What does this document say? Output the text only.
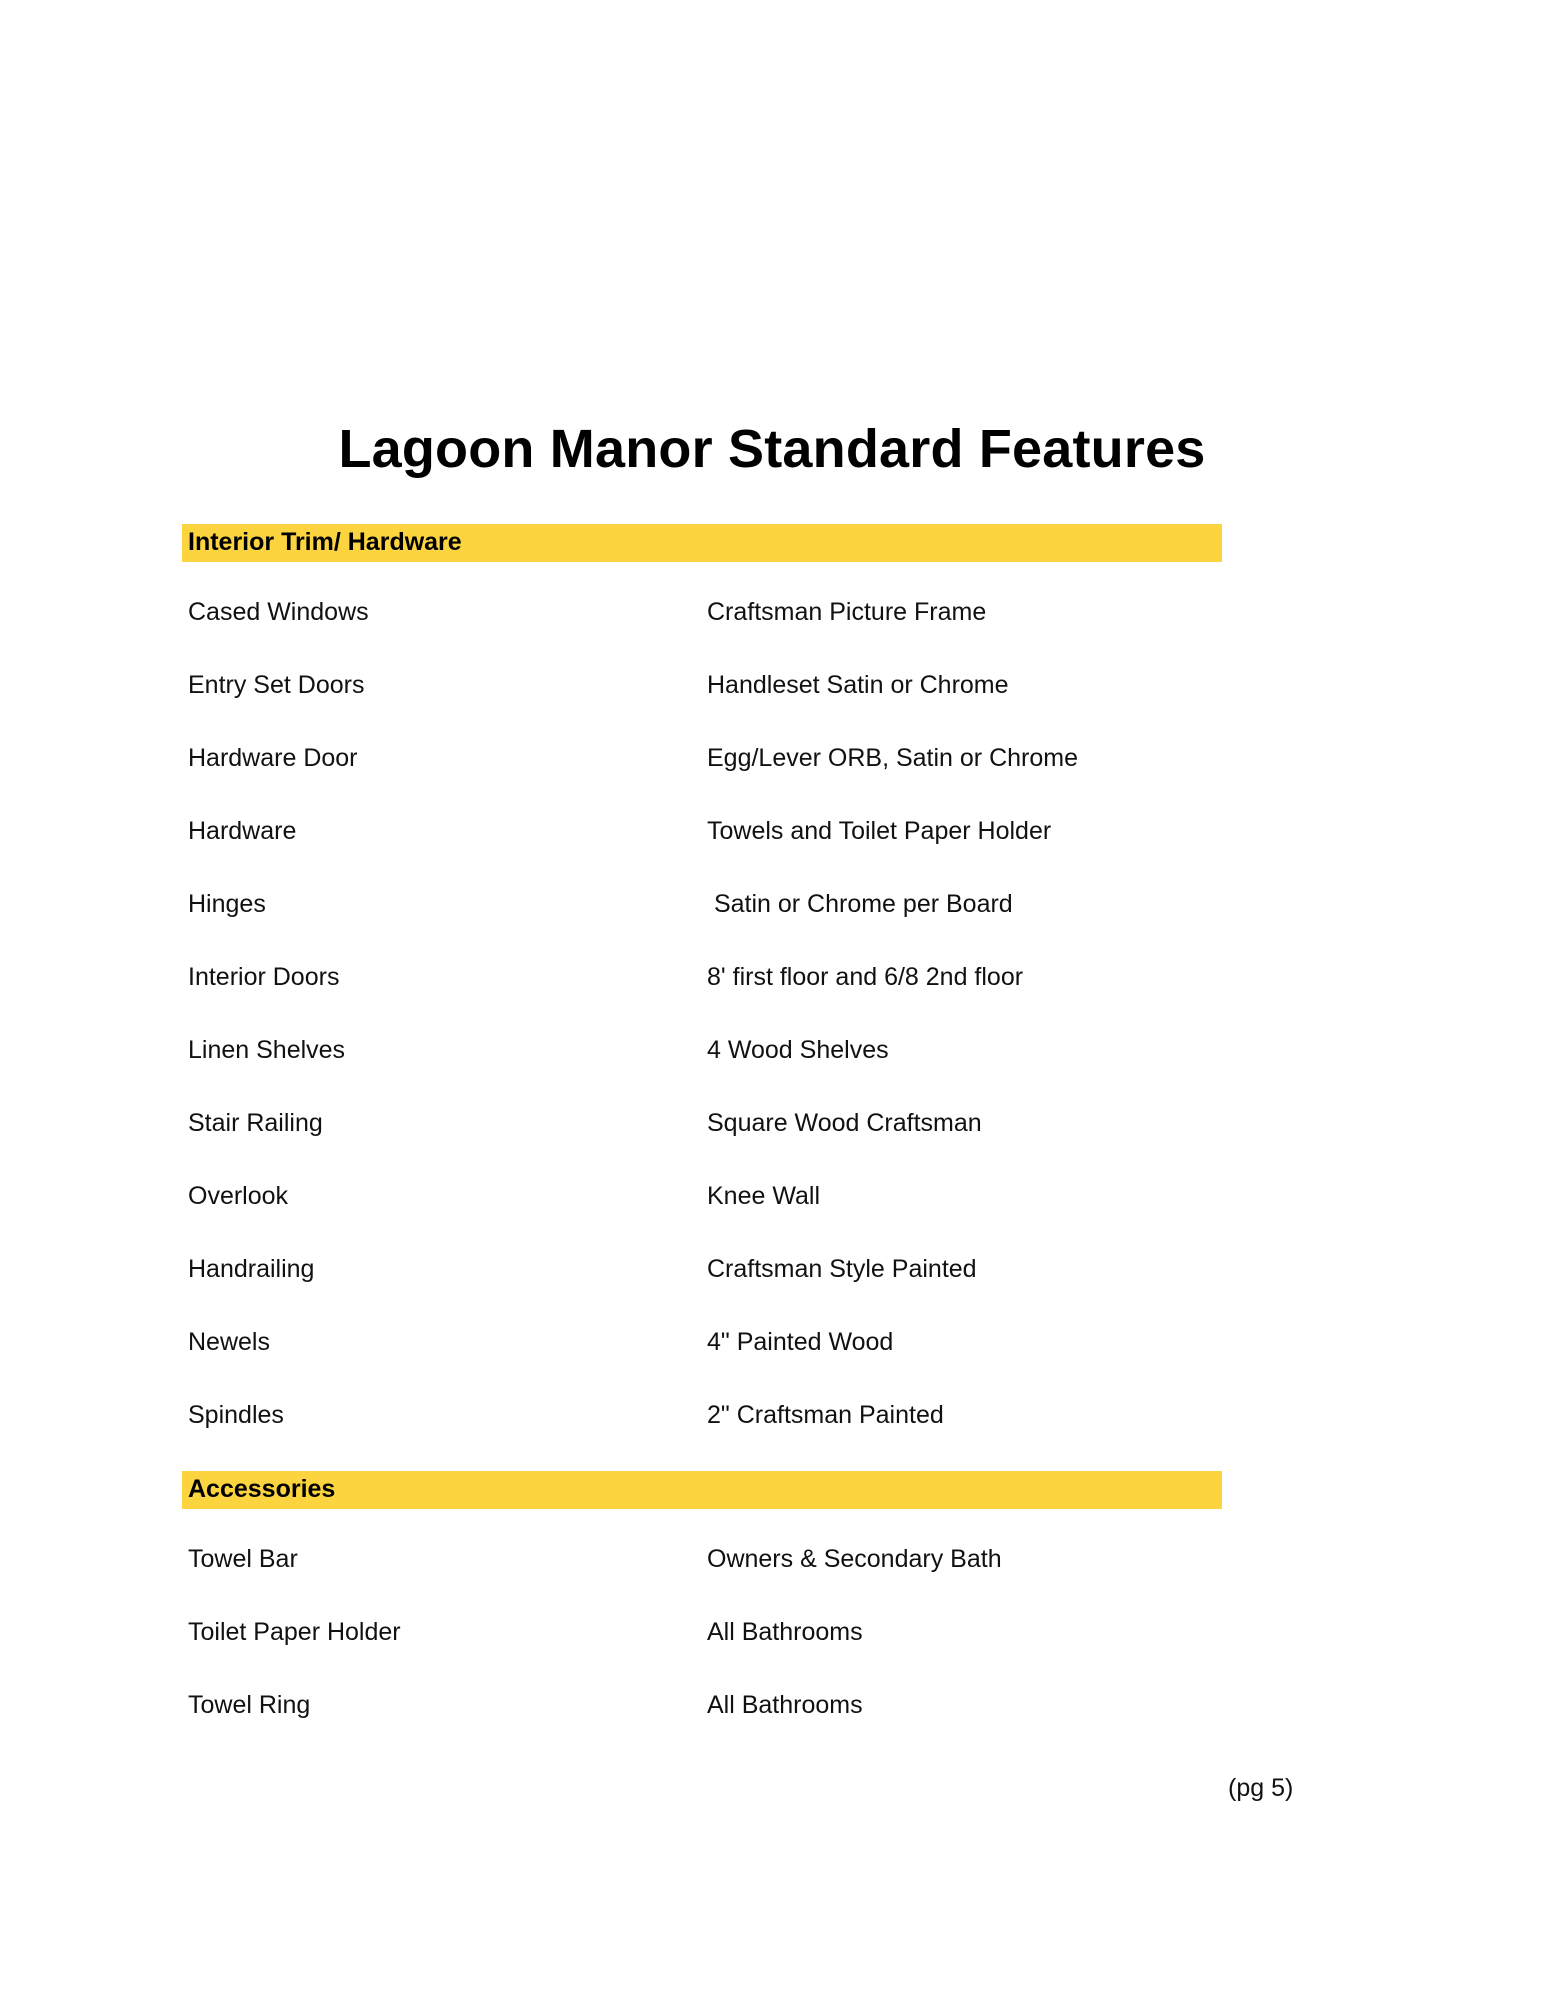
Lagoon Manor Standard Features
Interior Trim/ Hardware
Cased Windows	Craftsman Picture Frame
Entry Set Doors	Handleset Satin or Chrome
Hardware Door	Egg/Lever ORB, Satin or Chrome
Hardware	Towels and Toilet Paper Holder
Hinges	Satin or Chrome per Board
Interior Doors	8' first floor and 6/8 2nd floor
Linen Shelves	4 Wood Shelves
Stair Railing	Square Wood Craftsman
Overlook	Knee Wall
Handrailing	Craftsman Style Painted
Newels	4" Painted Wood
Spindles	2" Craftsman Painted
Accessories
Towel Bar	Owners & Secondary Bath
Toilet Paper Holder	All Bathrooms
Towel Ring	All Bathrooms
(pg 5)
